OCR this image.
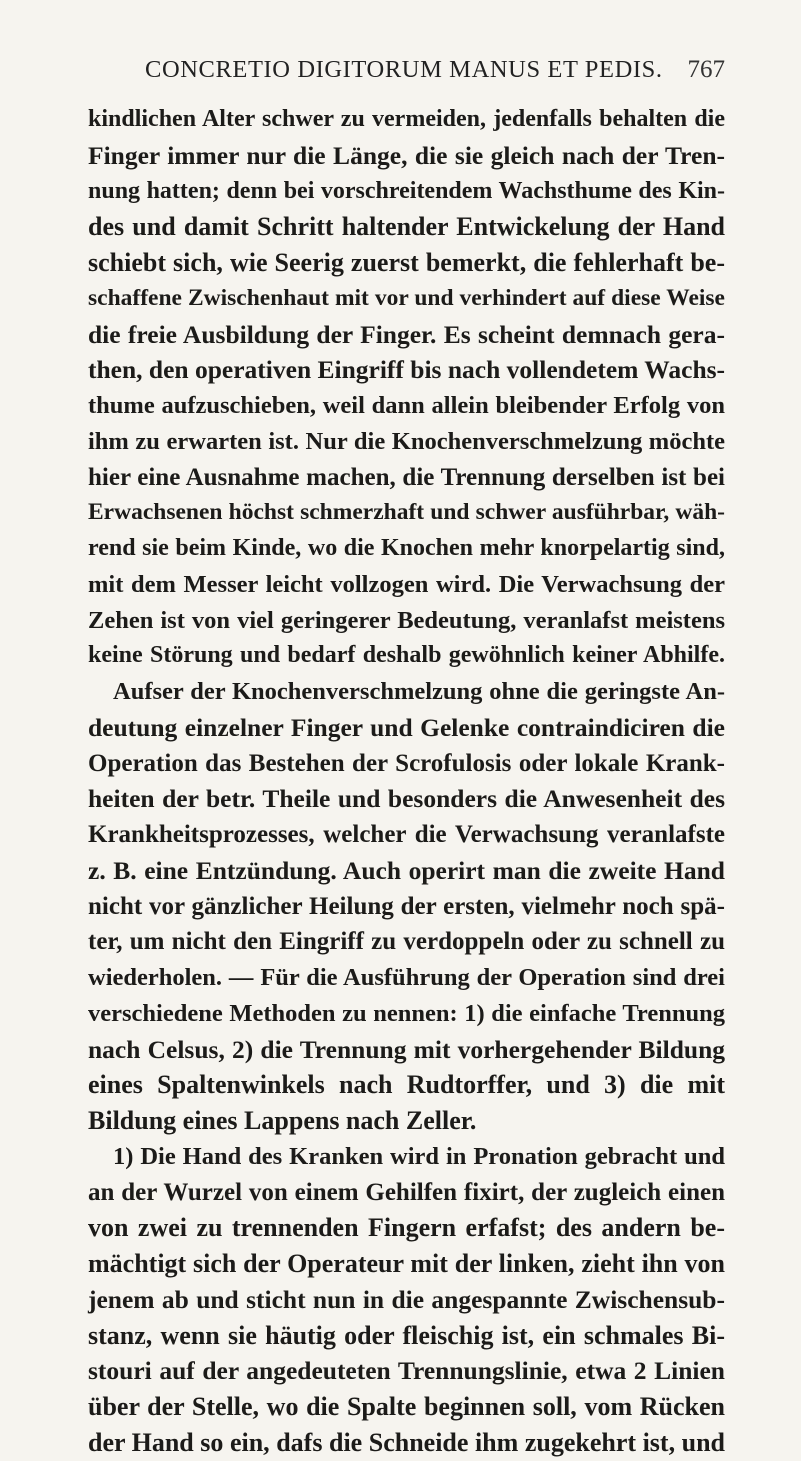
CONCRETIO DIGITORUM MANUS ET PEDIS. 767
kindlichen Alter schwer zu vermeiden, jedenfalls behalten die
Finger immer nur die Länge, die sie gleich nach der Tren-
nung hatten; denn bei vorschreitendem Wachsthume des Kin-
des und damit Schritt haltender Entwickelung der Hand
schiebt sich, wie Seerig zuerst bemerkt, die fehlerhaft be-
schaffene Zwischenhaut mit vor und verhindert auf diese Weise
die freie Ausbildung der Finger. Es scheint demnach gera-
then, den operativen Eingriff bis nach vollendetem Wachs-
thume aufzuschieben, weil dann allein bleibender Erfolg von
ihm zu erwarten ist. Nur die Knochenverschmelzung möchte
hier eine Ausnahme machen, die Trennung derselben ist bei
Erwachsenen höchst schmerzhaft und schwer ausführbar, wäh-
rend sie beim Kinde, wo die Knochen mehr knorpelartig sind,
mit dem Messer leicht vollzogen wird. Die Verwachsung der
Zehen ist von viel geringerer Bedeutung, veranlafst meistens
keine Störung und bedarf deshalb gewöhnlich keiner Abhilfe.
Aufser der Knochenverschmelzung ohne die geringste An-
deutung einzelner Finger und Gelenke contraindiciren die
Operation das Bestehen der Scrofulosis oder lokale Krank-
heiten der betr. Theile und besonders die Anwesenheit des
Krankheitsprozesses, welcher die Verwachsung veranlafste
z. B. eine Entzündung. Auch operirt man die zweite Hand
nicht vor gänzlicher Heilung der ersten, vielmehr noch spä-
ter, um nicht den Eingriff zu verdoppeln oder zu schnell zu
wiederholen. — Für die Ausführung der Operation sind drei
verschiedene Methoden zu nennen: 1) die einfache Trennung
nach Celsus, 2) die Trennung mit vorhergehender Bildung
eines Spaltenwinkels nach Rudtorffer, und 3) die mit
Bildung eines Lappens nach Zeller.
1) Die Hand des Kranken wird in Pronation gebracht und
an der Wurzel von einem Gehilfen fixirt, der zugleich einen
von zwei zu trennenden Fingern erfafst; des andern be-
mächtigt sich der Operateur mit der linken, zieht ihn von
jenem ab und sticht nun in die angespannte Zwischensub-
stanz, wenn sie häutig oder fleischig ist, ein schmales Bi-
stouri auf der angedeuteten Trennungslinie, etwa 2 Linien
über der Stelle, wo die Spalte beginnen soll, vom Rücken
der Hand so ein, dafs die Schneide ihm zugekehrt ist, und
